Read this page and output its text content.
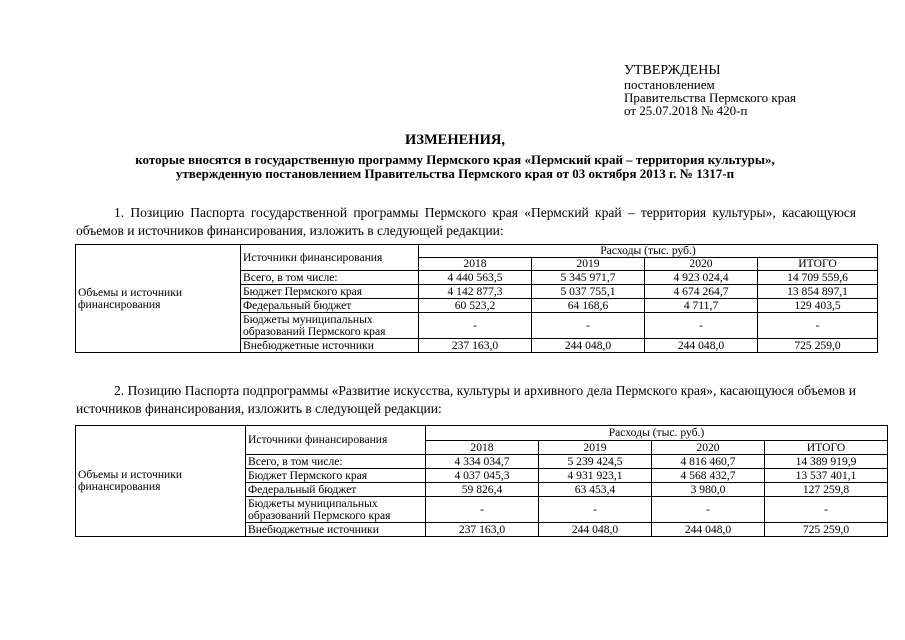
УТВЕРЖДЕНЫ
постановлением
Правительства Пермского края
от 25.07.2018 № 420-п
ИЗМЕНЕНИЯ,
которые вносятся в государственную программу Пермского края «Пермский край – территория культуры»,
утвержденную постановлением Правительства Пермского края от 03 октября 2013 г. № 1317-п
1. Позицию Паспорта государственной программы Пермского края «Пермский край – территория культуры», касающуюся объемов и источников финансирования, изложить в следующей редакции:
Объемы и источники финансирования	Источники финансирования	Расходы (тыс. руб.)			
		2018	2019	2020	ИТОГО
	Всего, в том числе:	4 440 563,5	5 345 971,7	4 923 024,4	14 709 559,6
	Бюджет Пермского края	4 142 877,3	5 037 755,1	4 674 264,7	13 854 897,1
	Федеральный бюджет	60 523,2	64 168,6	4 711,7	129 403,5
	Бюджеты муниципальных образований Пермского края	-	-	-	-
	Внебюджетные источники	237 163,0	244 048,0	244 048,0	725 259,0
2. Позицию Паспорта подпрограммы «Развитие искусства, культуры и архивного дела Пермского края», касающуюся объемов и источников финансирования, изложить в следующей редакции:
Объемы и источники финансирования	Источники финансирования	Расходы (тыс. руб.)			
		2018	2019	2020	ИТОГО
	Всего, в том числе:	4 334 034,7	5 239 424,5	4 816 460,7	14 389 919,9
	Бюджет Пермского края	4 037 045,3	4 931 923,1	4 568 432,7	13 537 401,1
	Федеральный бюджет	59 826,4	63 453,4	3 980,0	127 259,8
	Бюджеты муниципальных образований Пермского края	-	-	-	-
	Внебюджетные источники	237 163,0	244 048,0	244 048,0	725 259,0
